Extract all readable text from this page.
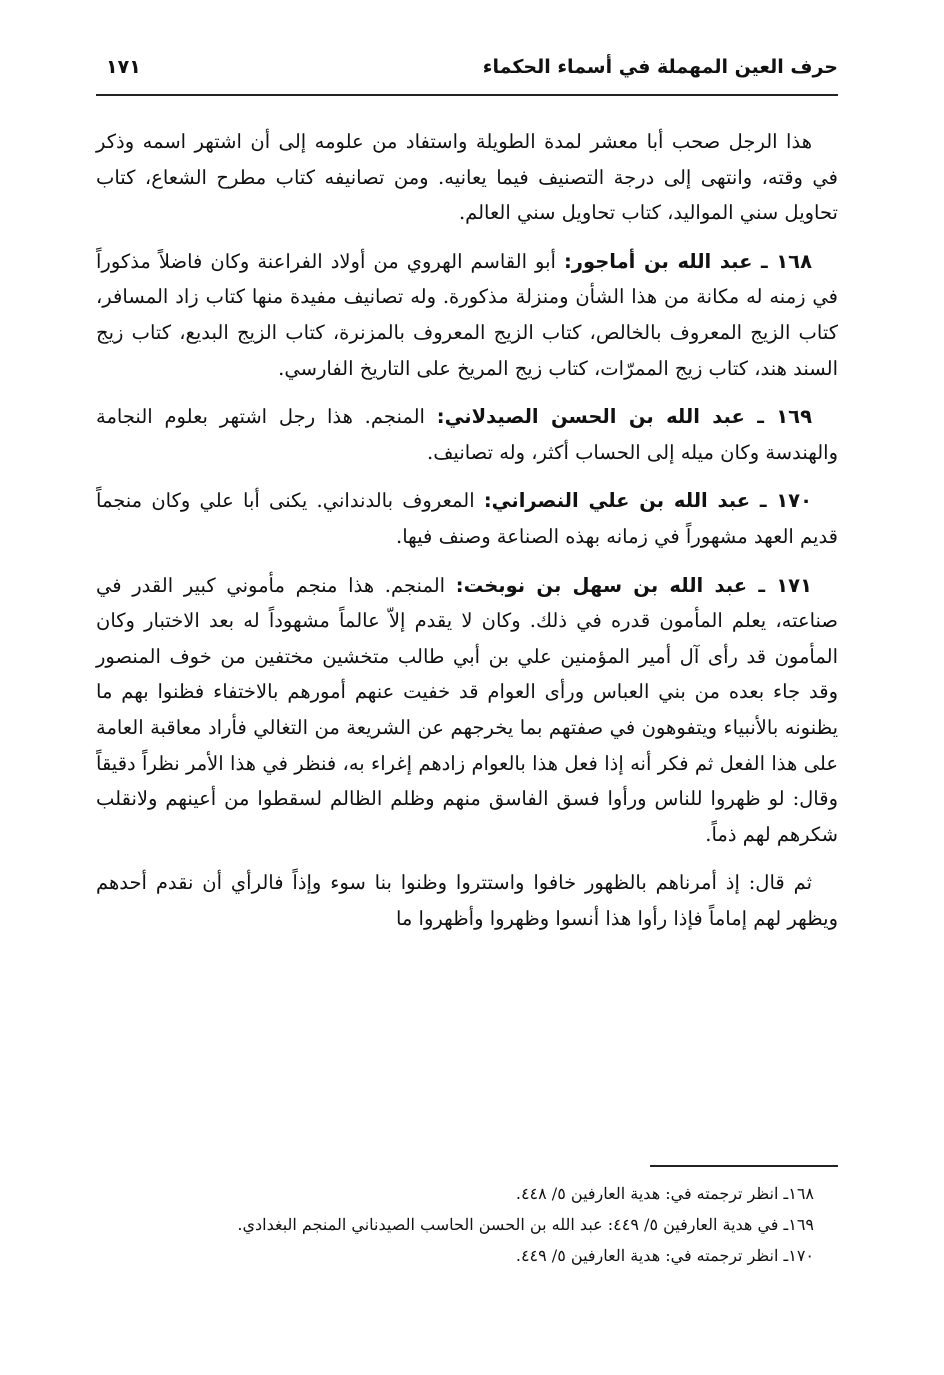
حرف العين المهملة في أسماء الحكماء
١٧١

هذا الرجل صحب أبا معشر لمدة الطويلة واستفاد من علومه إلى أن اشتهر اسمه وذكر في وقته، وانتهى إلى درجة التصنيف فيما يعانيه. ومن تصانيفه كتاب مطرح الشعاع، كتاب تحاويل سني المواليد، كتاب تحاويل سني العالم.

١٦٨ ـ عبد الله بن أماجور: أبو القاسم الهروي من أولاد الفراعنة وكان فاضلاً مذكوراً في زمنه له مكانة من هذا الشأن ومنزلة مذكورة. وله تصانيف مفيدة منها كتاب زاد المسافر، كتاب الزيج المعروف بالخالص، كتاب الزيج المعروف بالمزنرة، كتاب الزيج البديع، كتاب زيج السند هند، كتاب زيج الممرّات، كتاب زيج المريخ على التاريخ الفارسي.

١٦٩ ـ عبد الله بن الحسن الصيدلاني: المنجم. هذا رجل اشتهر بعلوم النجامة والهندسة وكان ميله إلى الحساب أكثر، وله تصانيف.

١٧٠ ـ عبد الله بن علي النصراني: المعروف بالدنداني. يكنى أبا علي وكان منجماً قديم العهد مشهوراً في زمانه بهذه الصناعة وصنف فيها.

١٧١ ـ عبد الله بن سهل بن نوبخت: المنجم. هذا منجم مأموني كبير القدر في صناعته، يعلم المأمون قدره في ذلك. وكان لا يقدم إلاّ عالماً مشهوداً له بعد الاختبار وكان المأمون قد رأى آل أمير المؤمنين علي بن أبي طالب متخشين مختفين من خوف المنصور وقد جاء بعده من بني العباس ورأى العوام قد خفيت عنهم أمورهم بالاختفاء فظنوا بهم ما يظنونه بالأنبياء ويتفوهون في صفتهم بما يخرجهم عن الشريعة من التغالي فأراد معاقبة العامة على هذا الفعل ثم فكر أنه إذا فعل هذا بالعوام زادهم إغراء به، فنظر في هذا الأمر نظراً دقيقاً وقال: لو ظهروا للناس ورأوا فسق الفاسق منهم وظلم الظالم لسقطوا من أعينهم ولانقلب شكرهم لهم ذماً.

ثم قال: إذ أمرناهم بالظهور خافوا واستتروا وظنوا بنا سوء وإذاً فالرأي أن نقدم أحدهم ويظهر لهم إماماً فإذا رأوا هذا أنسوا وظهروا وأظهروا ما

١٦٨ـ انظر ترجمته في: هدية العارفين ٥/ ٤٤٨.

١٦٩ـ في هدية العارفين ٥/ ٤٤٩: عبد الله بن الحسن الحاسب الصيدناني المنجم البغدادي.

١٧٠ـ انظر ترجمته في: هدية العارفين ٥/ ٤٤٩.
